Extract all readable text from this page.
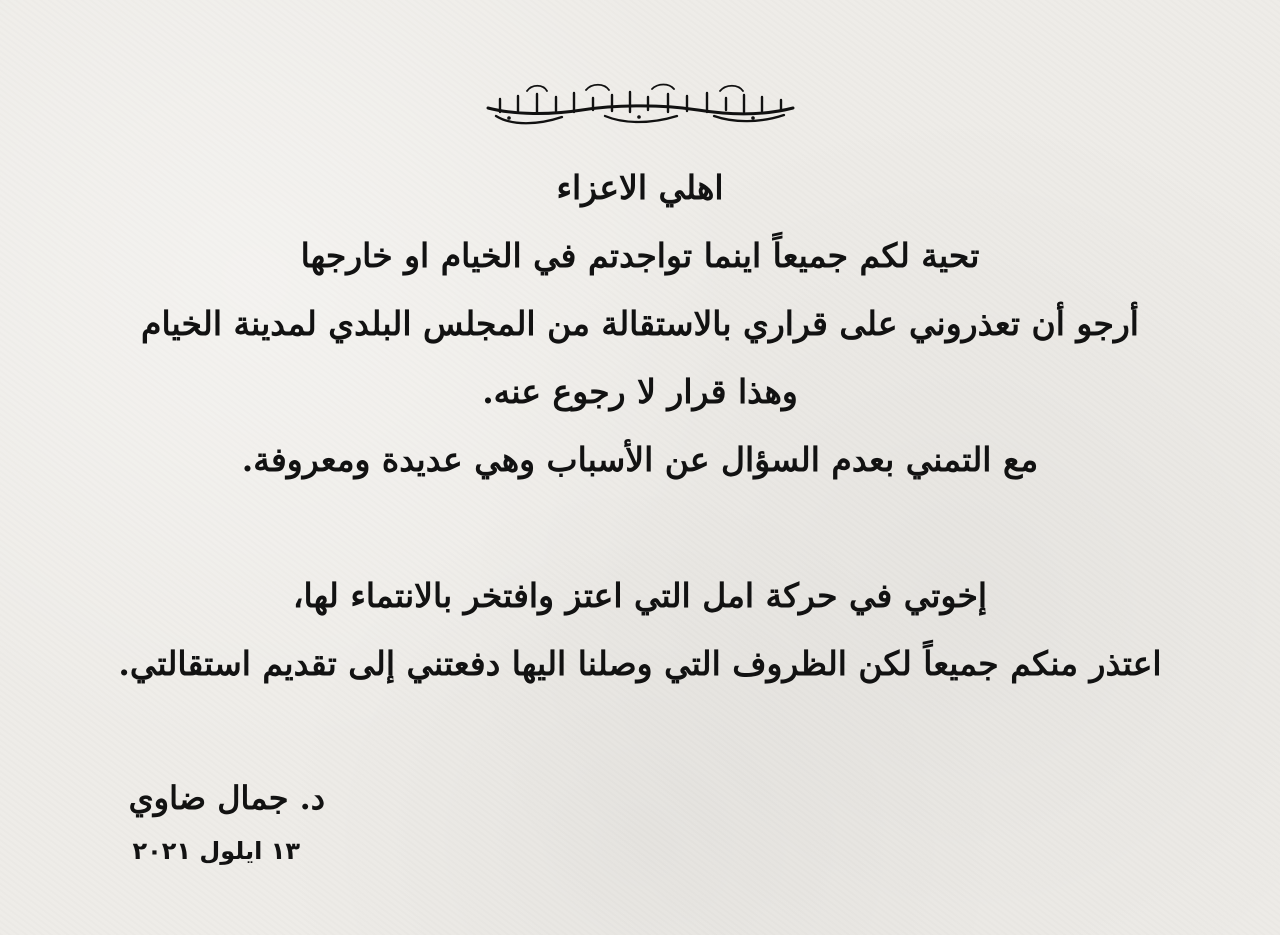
اهلي الاعزاء
تحية لكم جميعاً اينما تواجدتم في الخيام او خارجها
أرجو أن تعذروني على قراري بالاستقالة من المجلس البلدي لمدينة الخيام
وهذا قرار لا رجوع عنه.
مع التمني بعدم السؤال عن الأسباب وهي عديدة ومعروفة.
إخوتي في حركة امل التي اعتز وافتخر بالانتماء لها،
اعتذر منكم جميعاً لكن الظروف التي وصلنا اليها دفعتني إلى تقديم استقالتي.
د. جمال ضاوي
١٣ ايلول ٢٠٢١
